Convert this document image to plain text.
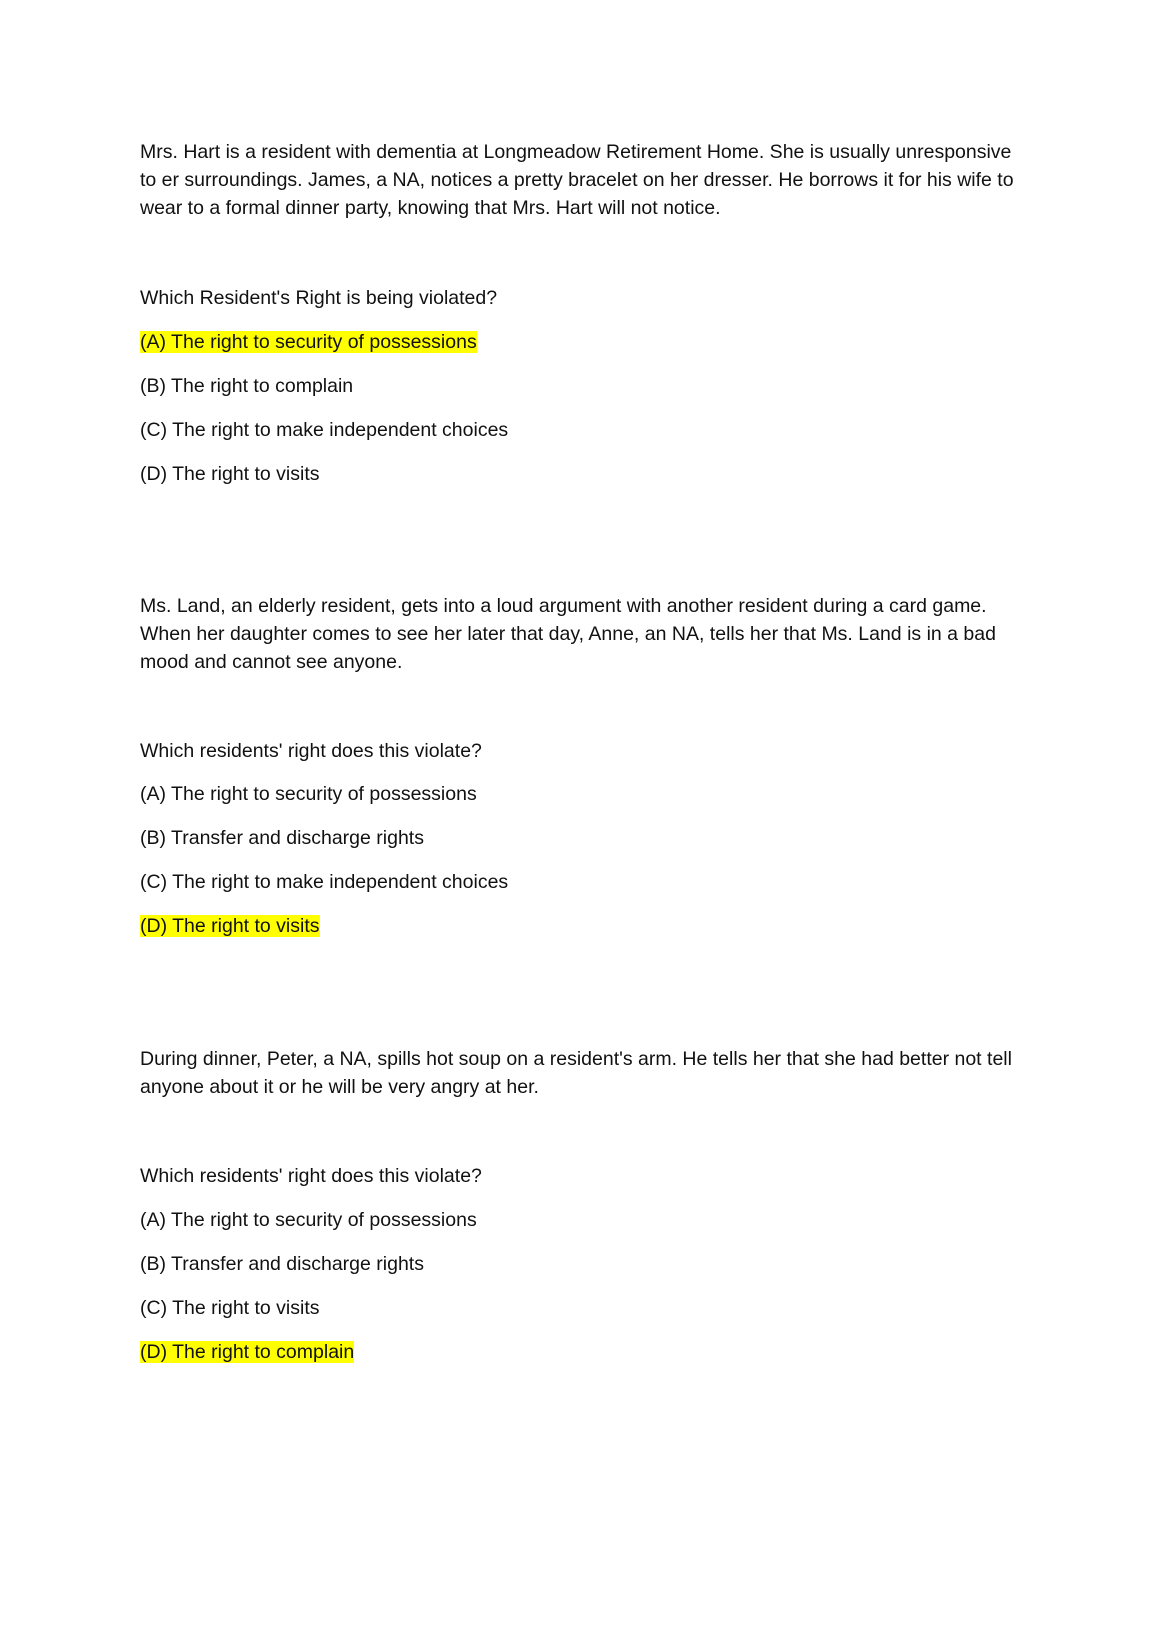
Mrs. Hart is a resident with dementia at Longmeadow Retirement Home. She is usually unresponsive to er surroundings. James, a NA, notices a pretty bracelet on her dresser. He borrows it for his wife to wear to a formal dinner party, knowing that Mrs. Hart will not notice.

Which Resident's Right is being violated?

(A) The right to security of possessions

(B) The right to complain

(C) The right to make independent choices

(D) The right to visits

Ms. Land, an elderly resident, gets into a loud argument with another resident during a card game. When her daughter comes to see her later that day, Anne, an NA, tells her that Ms. Land is in a bad mood and cannot see anyone.

Which residents' right does this violate?

(A) The right to security of possessions

(B) Transfer and discharge rights

(C) The right to make independent choices

(D) The right to visits

During dinner, Peter, a NA, spills hot soup on a resident's arm. He tells her that she had better not tell anyone about it or he will be very angry at her.

Which residents' right does this violate?

(A) The right to security of possessions

(B) Transfer and discharge rights

(C) The right to visits

(D) The right to complain
